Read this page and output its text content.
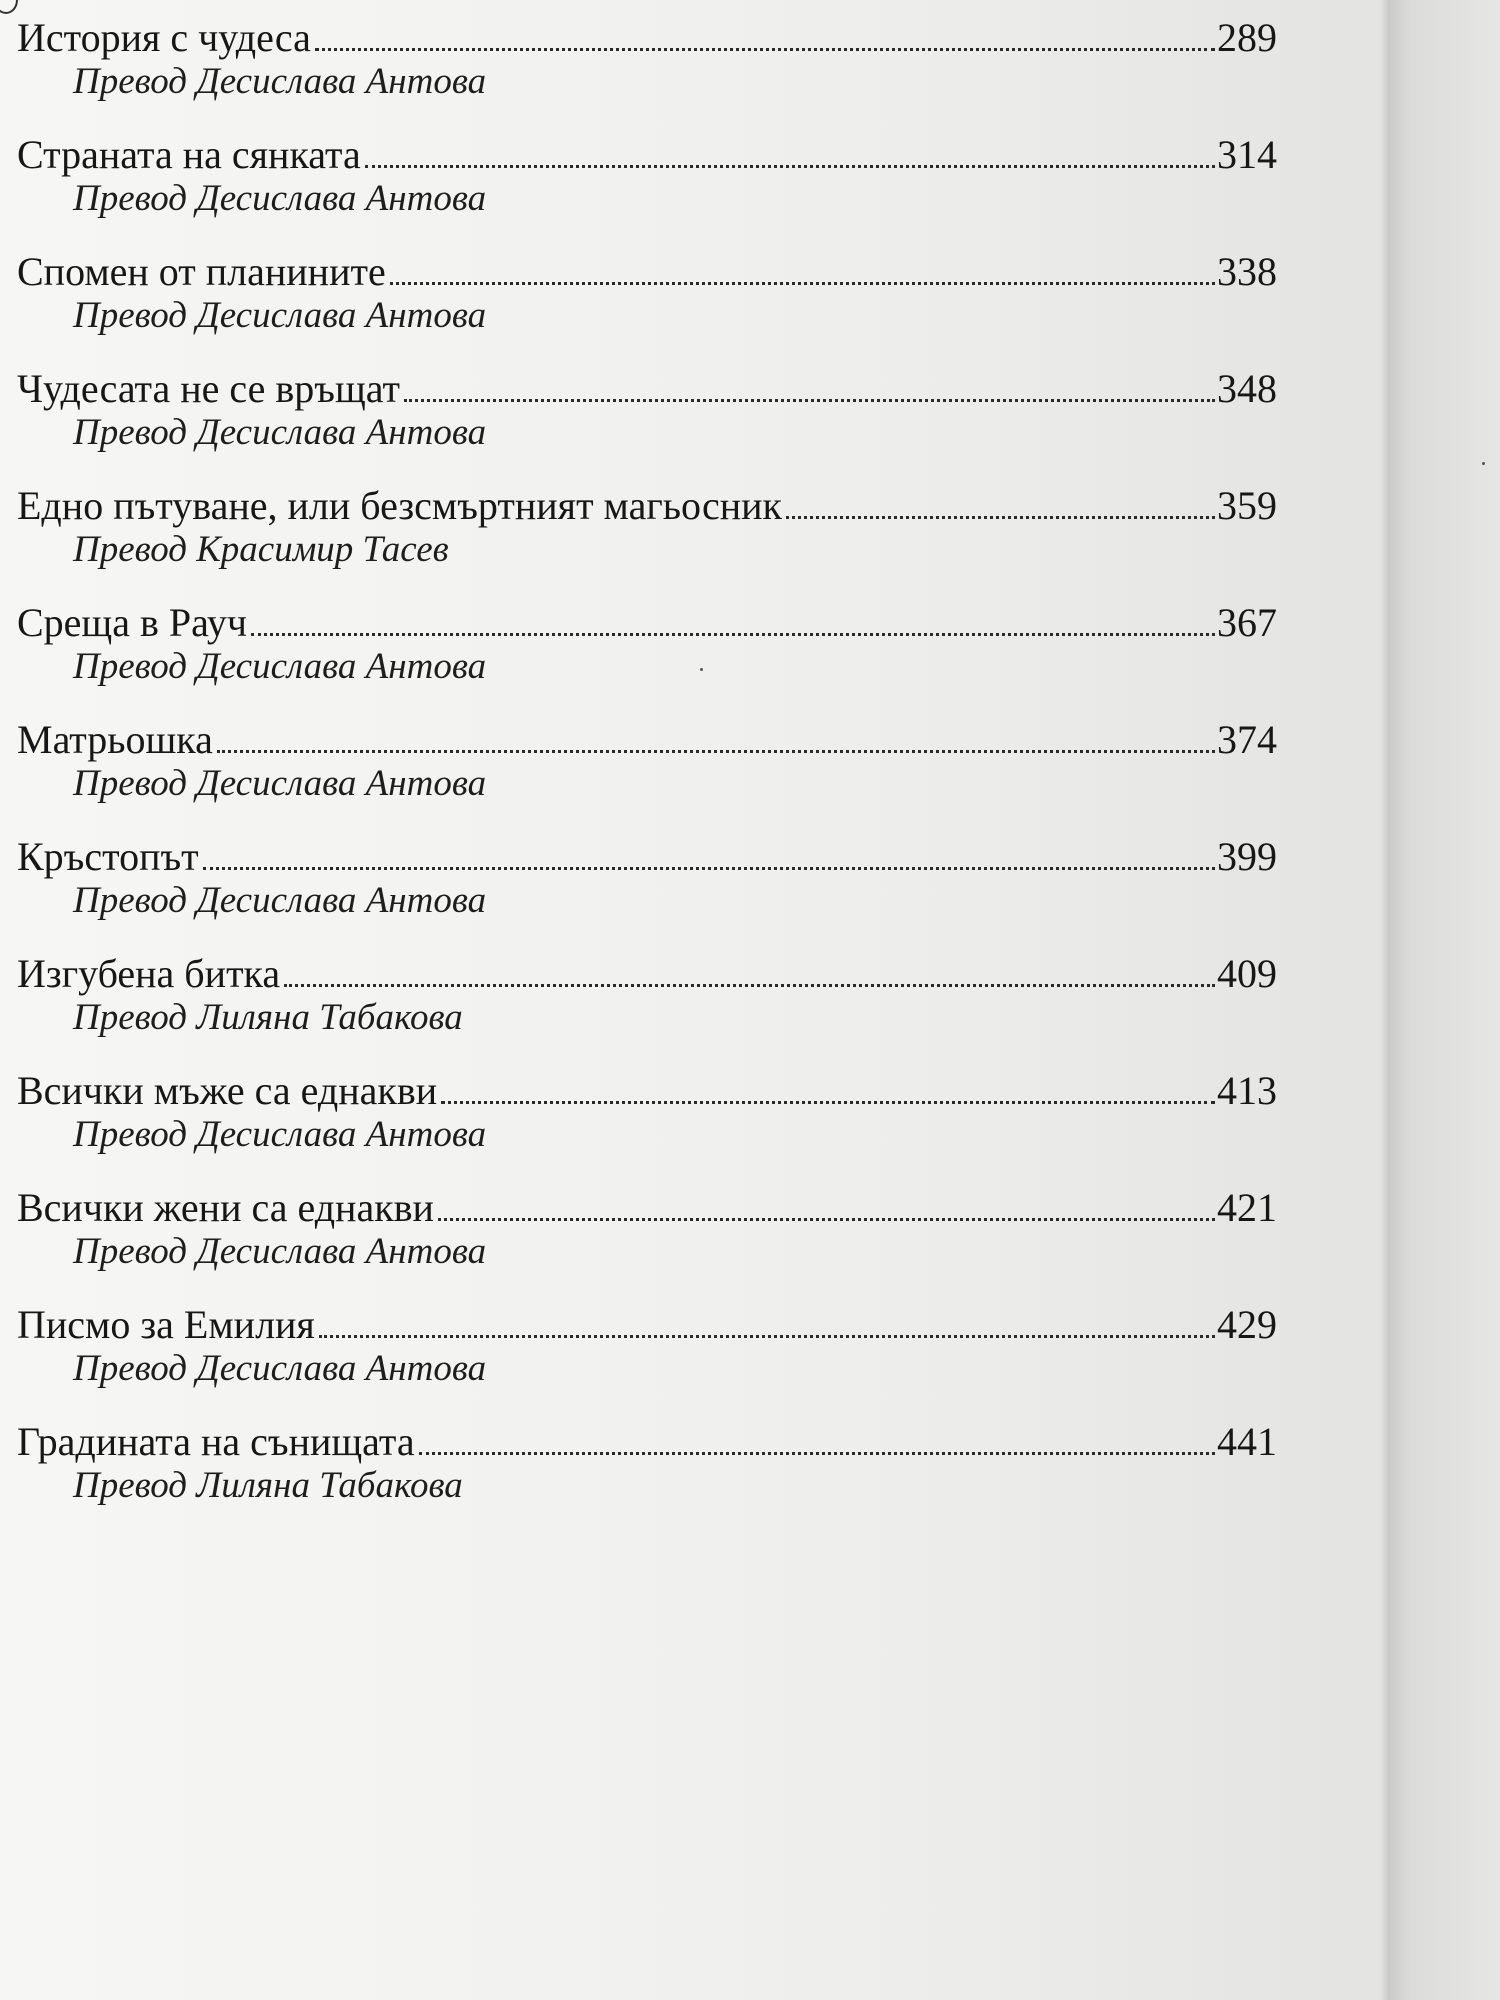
История с чудеса	289
Превод Десислава Антова
Страната на сянката	314
Превод Десислава Антова
Спомен от планините	338
Превод Десислава Антова
Чудесата не се връщат	348
Превод Десислава Антова
Едно пътуване, или безсмъртният магьосник	359
Превод Красимир Тасев
Среща в Рауч	367
Превод Десислава Антова
Матрьошка	374
Превод Десислава Антова
Кръстопът	399
Превод Десислава Антова
Изгубена битка	409
Превод Лиляна Табакова
Всички мъже са еднакви	413
Превод Десислава Антова
Всички жени са еднакви	421
Превод Десислава Антова
Писмо за Емилия	429
Превод Десислава Антова
Градината на сънищата	441
Превод Лиляна Табакова
